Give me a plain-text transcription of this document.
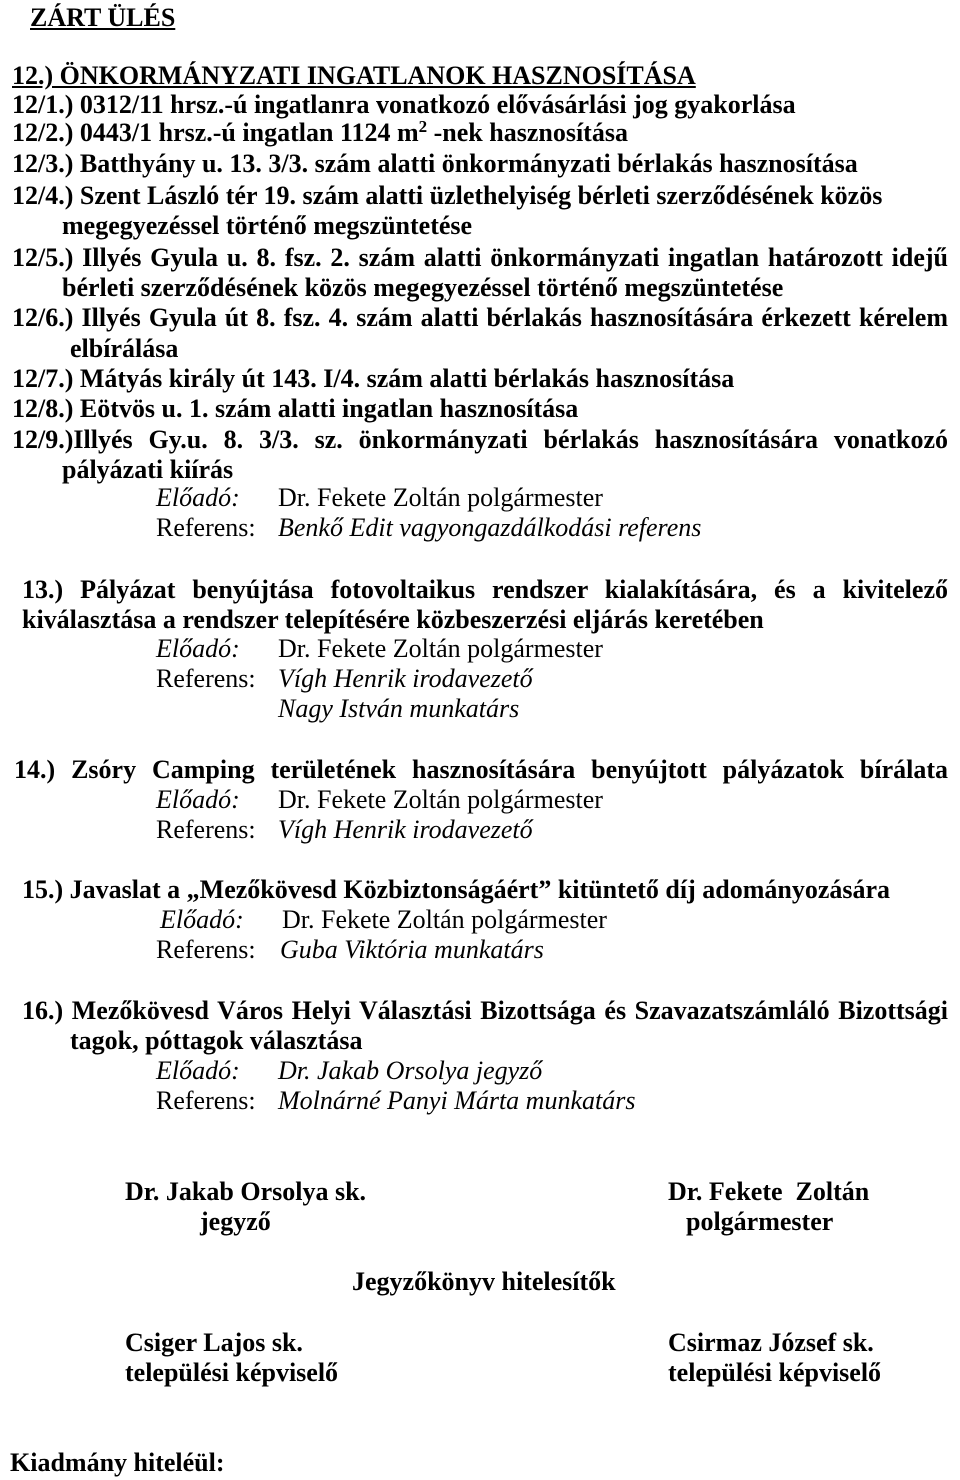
ZÁRT ÜLÉS
12.) ÖNKORMÁNYZATI INGATLANOK HASZNOSÍTÁSA
12/1.) 0312/11 hrsz.-ú ingatlanra vonatkozó elővásárlási jog gyakorlása
12/2.) 0443/1 hrsz.-ú ingatlan 1124 $m^2$ -nek hasznosítása
12/3.) Batthyány u. 13. 3/3. szám alatti önkormányzati bérlakás hasznosítása
12/4.) Szent László tér 19. szám alatti üzlethelyiség bérleti szerződésének közös
megegyezéssel történő megszüntetése
12/5.) Illyés Gyula u. 8. fsz. 2. szám alatti önkormányzati ingatlan határozott idejű
bérleti szerződésének közös megegyezéssel történő megszüntetése
12/6.) Illyés Gyula út 8. fsz. 4. szám alatti bérlakás hasznosítására érkezett kérelem
elbírálása
12/7.) Mátyás király út 143. I/4. szám alatti bérlakás hasznosítása
12/8.) Eötvös u. 1. szám alatti ingatlan hasznosítása
12/9.)Illyés Gy.u. 8. 3/3. sz. önkormányzati bérlakás hasznosítására vonatkozó
pályázati kiírás
Előadó: Dr. Fekete Zoltán polgármester
Referens: Benkő Edit vagyongazdálkodási referens
13.) Pályázat benyújtása fotovoltaikus rendszer kialakítására, és a kivitelező
kiválasztása a rendszer telepítésére közbeszerzési eljárás keretében
Előadó: Dr. Fekete Zoltán polgármester
Referens: Vígh Henrik irodavezető
Nagy István munkatárs
14.) Zsóry Camping területének hasznosítására benyújtott pályázatok bírálata
Előadó: Dr. Fekete Zoltán polgármester
Referens: Vígh Henrik irodavezető
15.) Javaslat a „Mezőkövesd Közbiztonságáért” kitüntető díj adományozására
Előadó: Dr. Fekete Zoltán polgármester
Referens: Guba Viktória munkatárs
16.) Mezőkövesd Város Helyi Választási Bizottsága és Szavazatszámláló Bizottsági
tagok, póttagok választása
Előadó: Dr. Jakab Orsolya jegyző
Referens: Molnárné Panyi Márta munkatárs
Dr. Jakab Orsolya sk.	Dr. Fekete  Zoltán
jegyző	polgármester
Jegyzőkönyv hitelesítők
Csiger Lajos sk.	Csirmaz József sk.
települési képviselő	települési képviselő
Kiadmány hiteléül:
